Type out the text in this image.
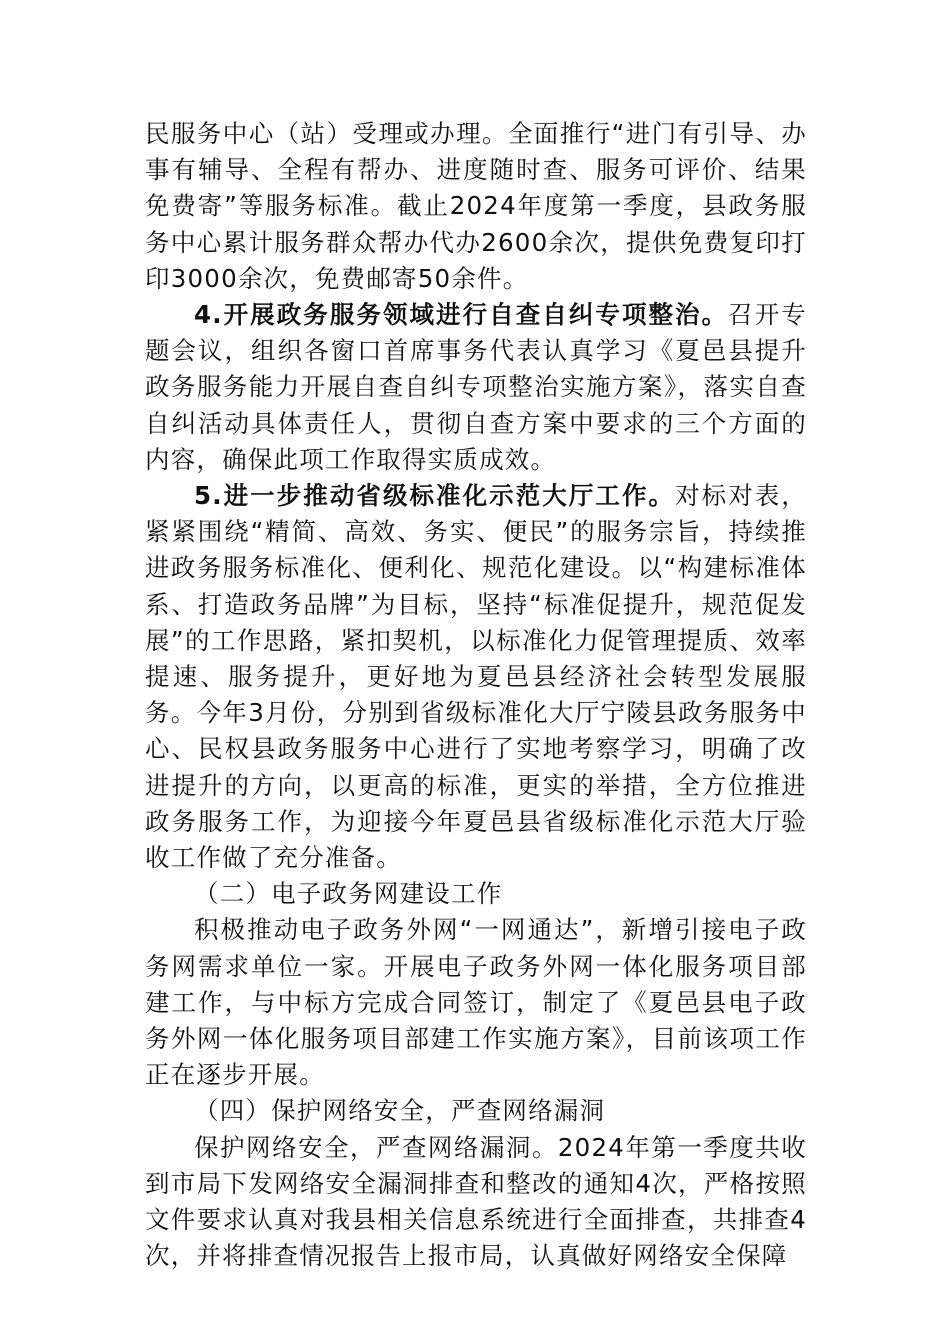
民服务中心（站）受理或办理。全面推行“进门有引导、办事有辅导、全程有帮办、进度随时查、服务可评价、结果免费寄”等服务标准。截止2024年度第一季度，县政务服务中心累计服务群众帮办代办2600余次，提供免费复印打印3000余次，免费邮寄50余件。

4.开展政务服务领域进行自查自纠专项整治。召开专题会议，组织各窗口首席事务代表认真学习《夏邑县提升政务服务能力开展自查自纠专项整治实施方案》，落实自查自纠活动具体责任人，贯彻自查方案中要求的三个方面的内容，确保此项工作取得实质成效。

5.进一步推动省级标准化示范大厅工作。对标对表，紧紧围绕“精简、高效、务实、便民”的服务宗旨，持续推进政务服务标准化、便利化、规范化建设。以“构建标准体系、打造政务品牌”为目标，坚持“标准促提升，规范促发展”的工作思路，紧扣契机，以标准化力促管理提质、效率提速、服务提升，更好地为夏邑县经济社会转型发展服务。今年3月份，分别到省级标准化大厅宁陵县政务服务中心、民权县政务服务中心进行了实地考察学习，明确了改进提升的方向，以更高的标准，更实的举措，全方位推进政务服务工作，为迎接今年夏邑县省级标准化示范大厅验收工作做了充分准备。

（二）电子政务网建设工作

积极推动电子政务外网“一网通达”，新增引接电子政务网需求单位一家。开展电子政务外网一体化服务项目部建工作，与中标方完成合同签订，制定了《夏邑县电子政务外网一体化服务项目部建工作实施方案》，目前该项工作正在逐步开展。

（四）保护网络安全，严查网络漏洞

保护网络安全，严查网络漏洞。2024年第一季度共收到市局下发网络安全漏洞排查和整改的通知4次，严格按照文件要求认真对我县相关信息系统进行全面排查，共排查4次，并将排查情况报告上报市局，认真做好网络安全保障
